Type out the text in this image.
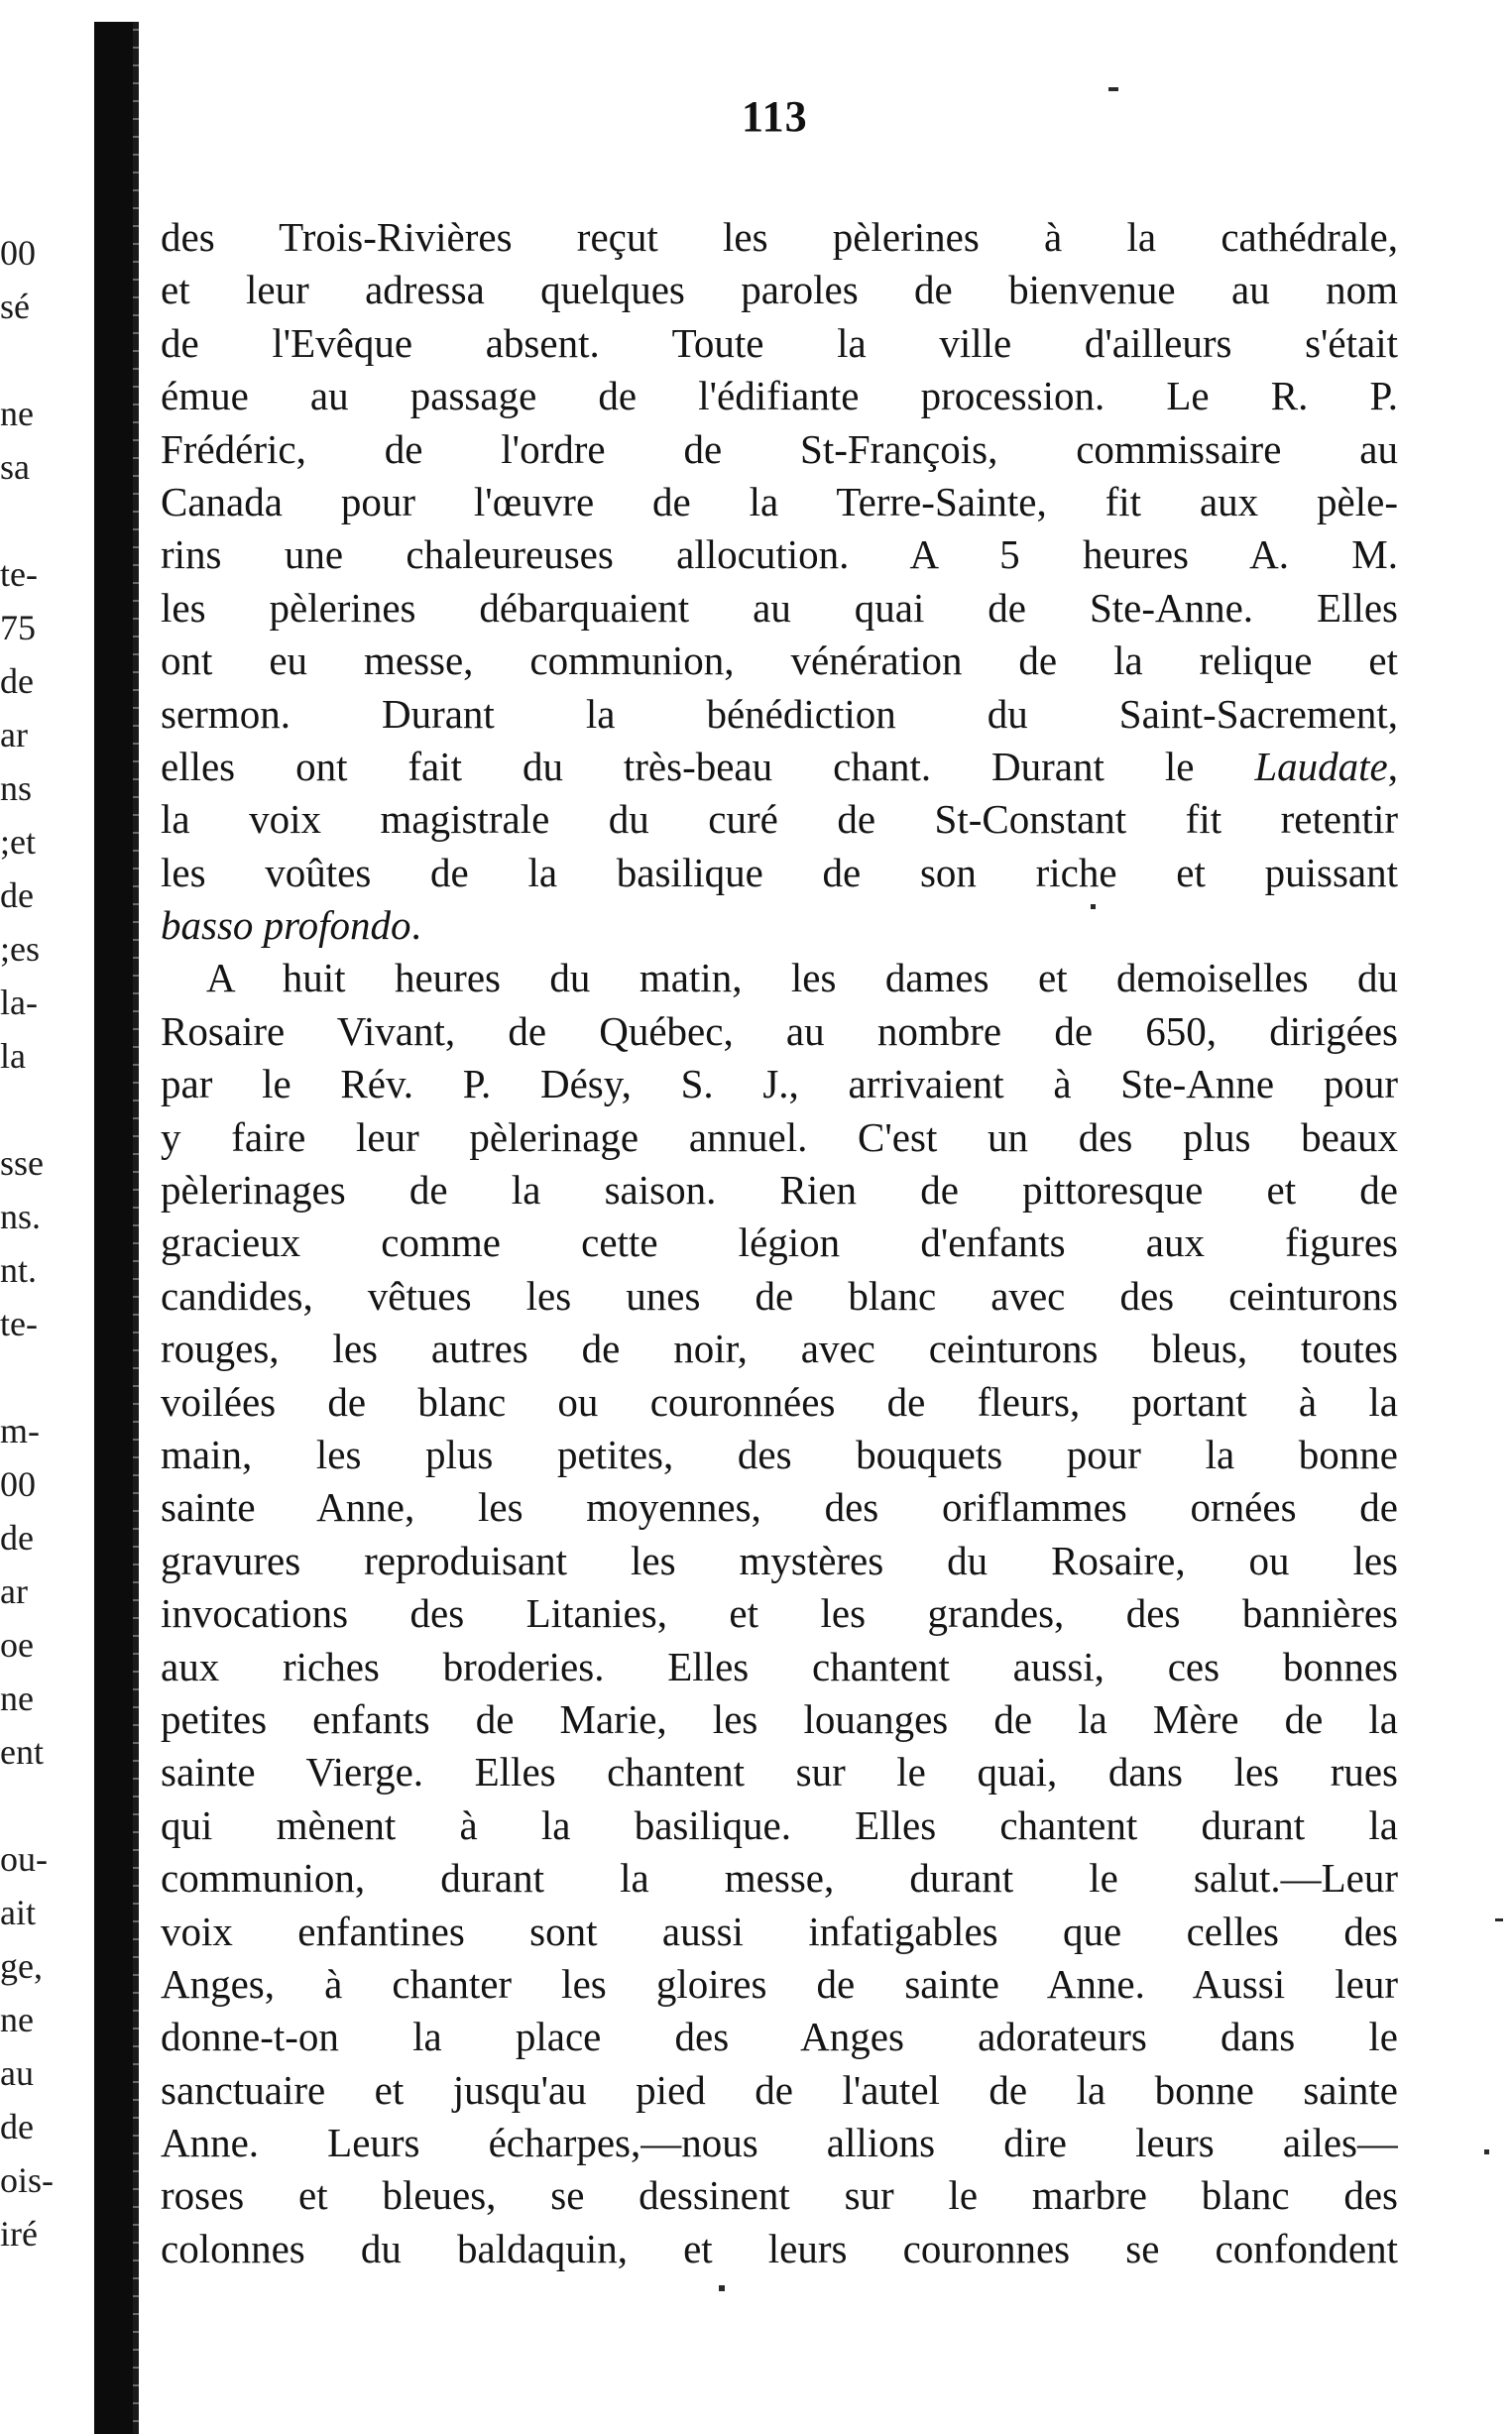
00
sé
ne
sa
te-
75
de
ar
ns
;et
de
;es
la-
la
sse
ns.
nt.
te-
m-
00
de
ar
oe
ne
ent
ou-
ait
ge,
ne
au
de
ois-
iré
113
des Trois-Rivières reçut les pèlerines à la cathédrale,
et leur adressa quelques paroles de bienvenue au nom
de l'Evêque absent. Toute la ville d'ailleurs s'était
émue au passage de l'édifiante procession. Le R. P.
Frédéric, de l'ordre de St-François, commissaire au
Canada pour l'œuvre de la Terre-Sainte, fit aux pèle-
rins une chaleureuses allocution. A 5 heures A. M.
les pèlerines débarquaient au quai de Ste-Anne. Elles
ont eu messe, communion, vénération de la relique et
sermon. Durant la bénédiction du Saint-Sacrement,
elles ont fait du très-beau chant. Durant le Laudate,
la voix magistrale du curé de St-Constant fit retentir
les voûtes de la basilique de son riche et puissant
basso profondo.
A huit heures du matin, les dames et demoiselles du
Rosaire Vivant, de Québec, au nombre de 650, dirigées
par le Rév. P. Désy, S. J., arrivaient à Ste-Anne pour
y faire leur pèlerinage annuel. C'est un des plus beaux
pèlerinages de la saison. Rien de pittoresque et de
gracieux comme cette légion d'enfants aux figures
candides, vêtues les unes de blanc avec des ceinturons
rouges, les autres de noir, avec ceinturons bleus, toutes
voilées de blanc ou couronnées de fleurs, portant à la
main, les plus petites, des bouquets pour la bonne
sainte Anne, les moyennes, des oriflammes ornées de
gravures reproduisant les mystères du Rosaire, ou les
invocations des Litanies, et les grandes, des bannières
aux riches broderies. Elles chantent aussi, ces bonnes
petites enfants de Marie, les louanges de la Mère de la
sainte Vierge. Elles chantent sur le quai, dans les rues
qui mènent à la basilique. Elles chantent durant la
communion, durant la messe, durant le salut.—Leur
voix enfantines sont aussi infatigables que celles des
Anges, à chanter les gloires de sainte Anne. Aussi leur
donne-t-on la place des Anges adorateurs dans le
sanctuaire et jusqu'au pied de l'autel de la bonne sainte
Anne. Leurs écharpes,—nous allions dire leurs ailes—
roses et bleues, se dessinent sur le marbre blanc des
colonnes du baldaquin, et leurs couronnes se confondent
